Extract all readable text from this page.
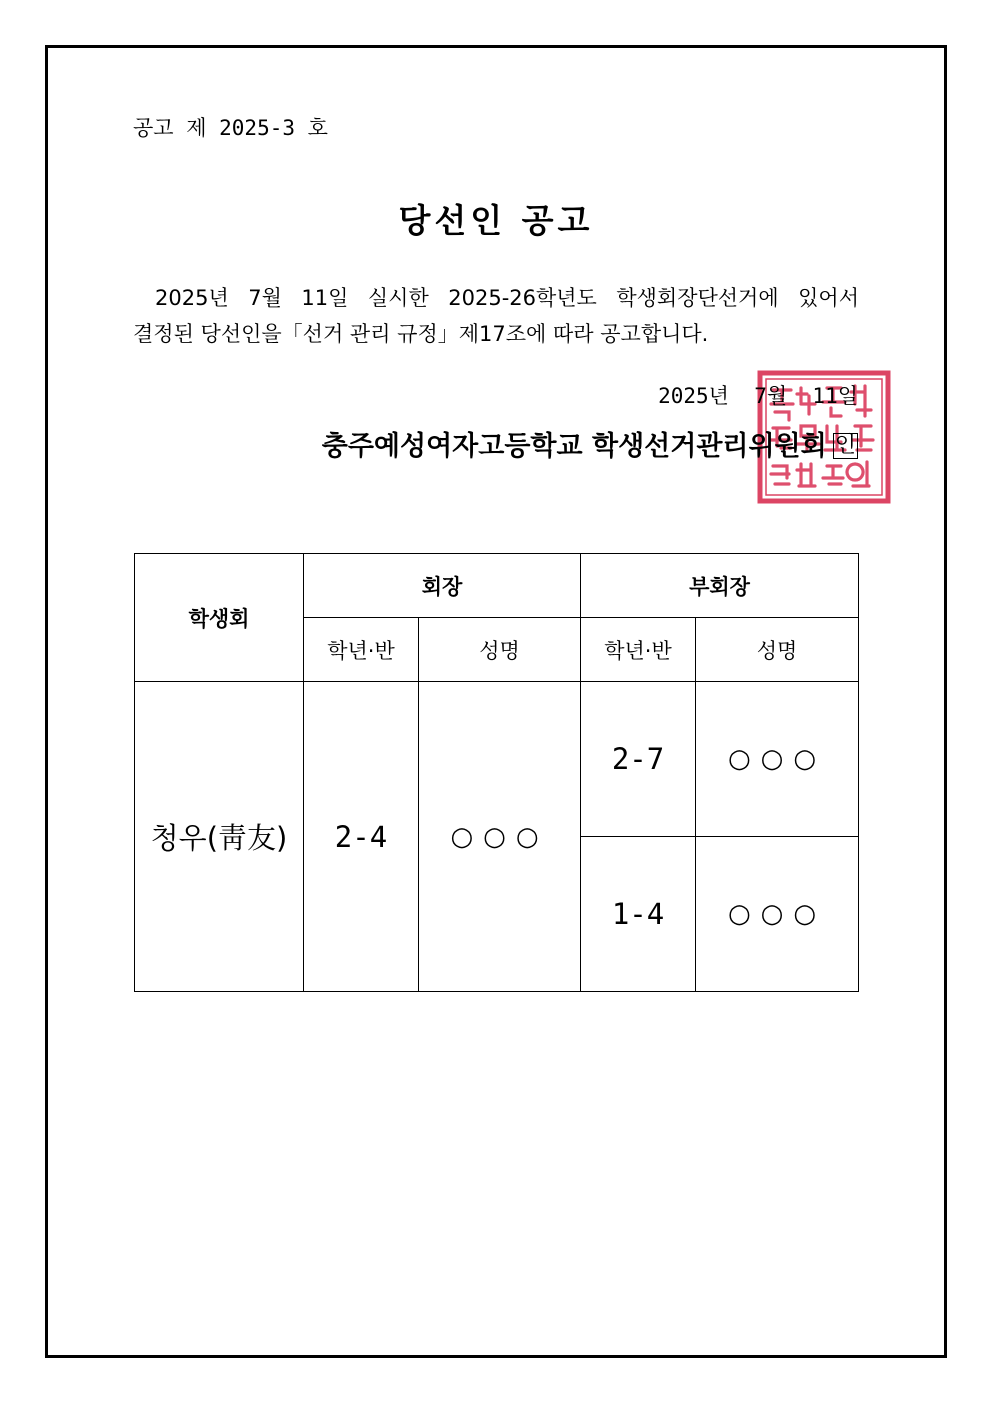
공고 제 2025-3 호
당선인 공고
2025년 7월 11일 실시한 2025-26학년도 학생회장단선거에 있어서
결정된 당선인을「선거 관리 규정」제17조에 따라 공고합니다.
2025년  7월  11일
충주예성여자고등학교 학생선거관리위원회 인
학생회	회장		부회장	
	학년·반	성명	학년·반	성명
청우(靑友)	2-4	○○○	2-7	○○○
			1-4	○○○
